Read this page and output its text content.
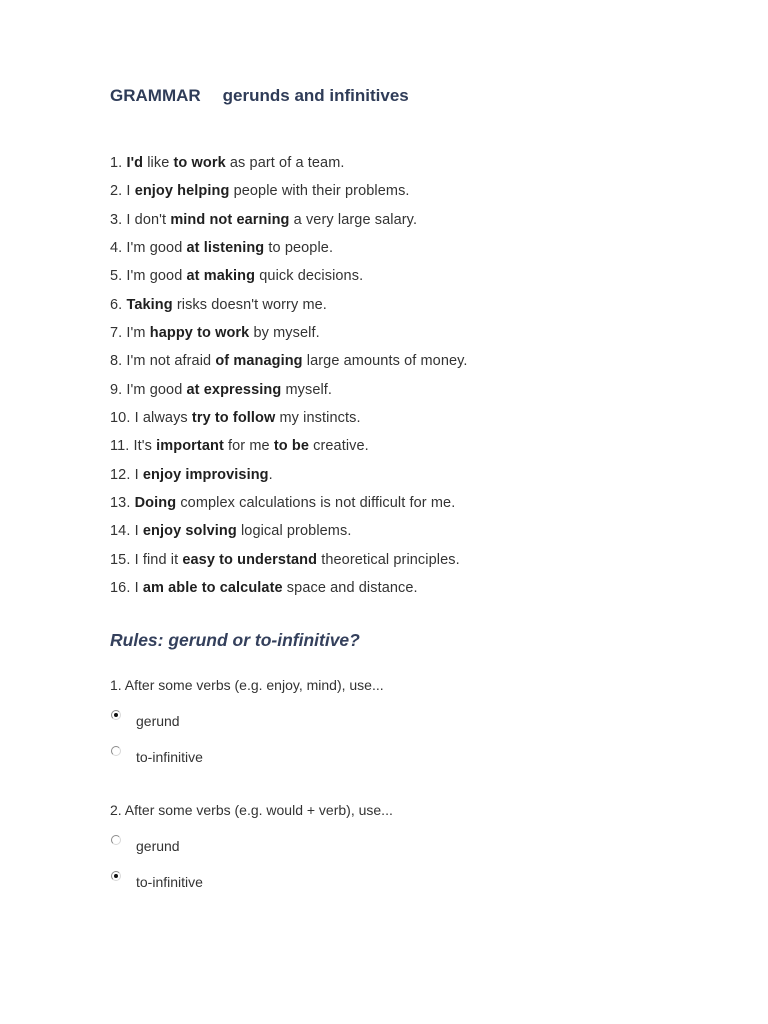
GRAMMAR gerunds and infinitives
1. I'd like to work as part of a team.
2. I enjoy helping people with their problems.
3. I don't mind not earning a very large salary.
4. I'm good at listening to people.
5. I'm good at making quick decisions.
6. Taking risks doesn't worry me.
7. I'm happy to work by myself.
8. I'm not afraid of managing large amounts of money.
9. I'm good at expressing myself.
10. I always try to follow my instincts.
11. It's important for me to be creative.
12. I enjoy improvising.
13. Doing complex calculations is not difficult for me.
14. I enjoy solving logical problems.
15. I find it easy to understand theoretical principles.
16. I am able to calculate space and distance.
Rules: gerund or to-infinitive?
1. After some verbs (e.g. enjoy, mind), use...
gerund
to-infinitive
2. After some verbs (e.g. would + verb), use...
gerund
to-infinitive
